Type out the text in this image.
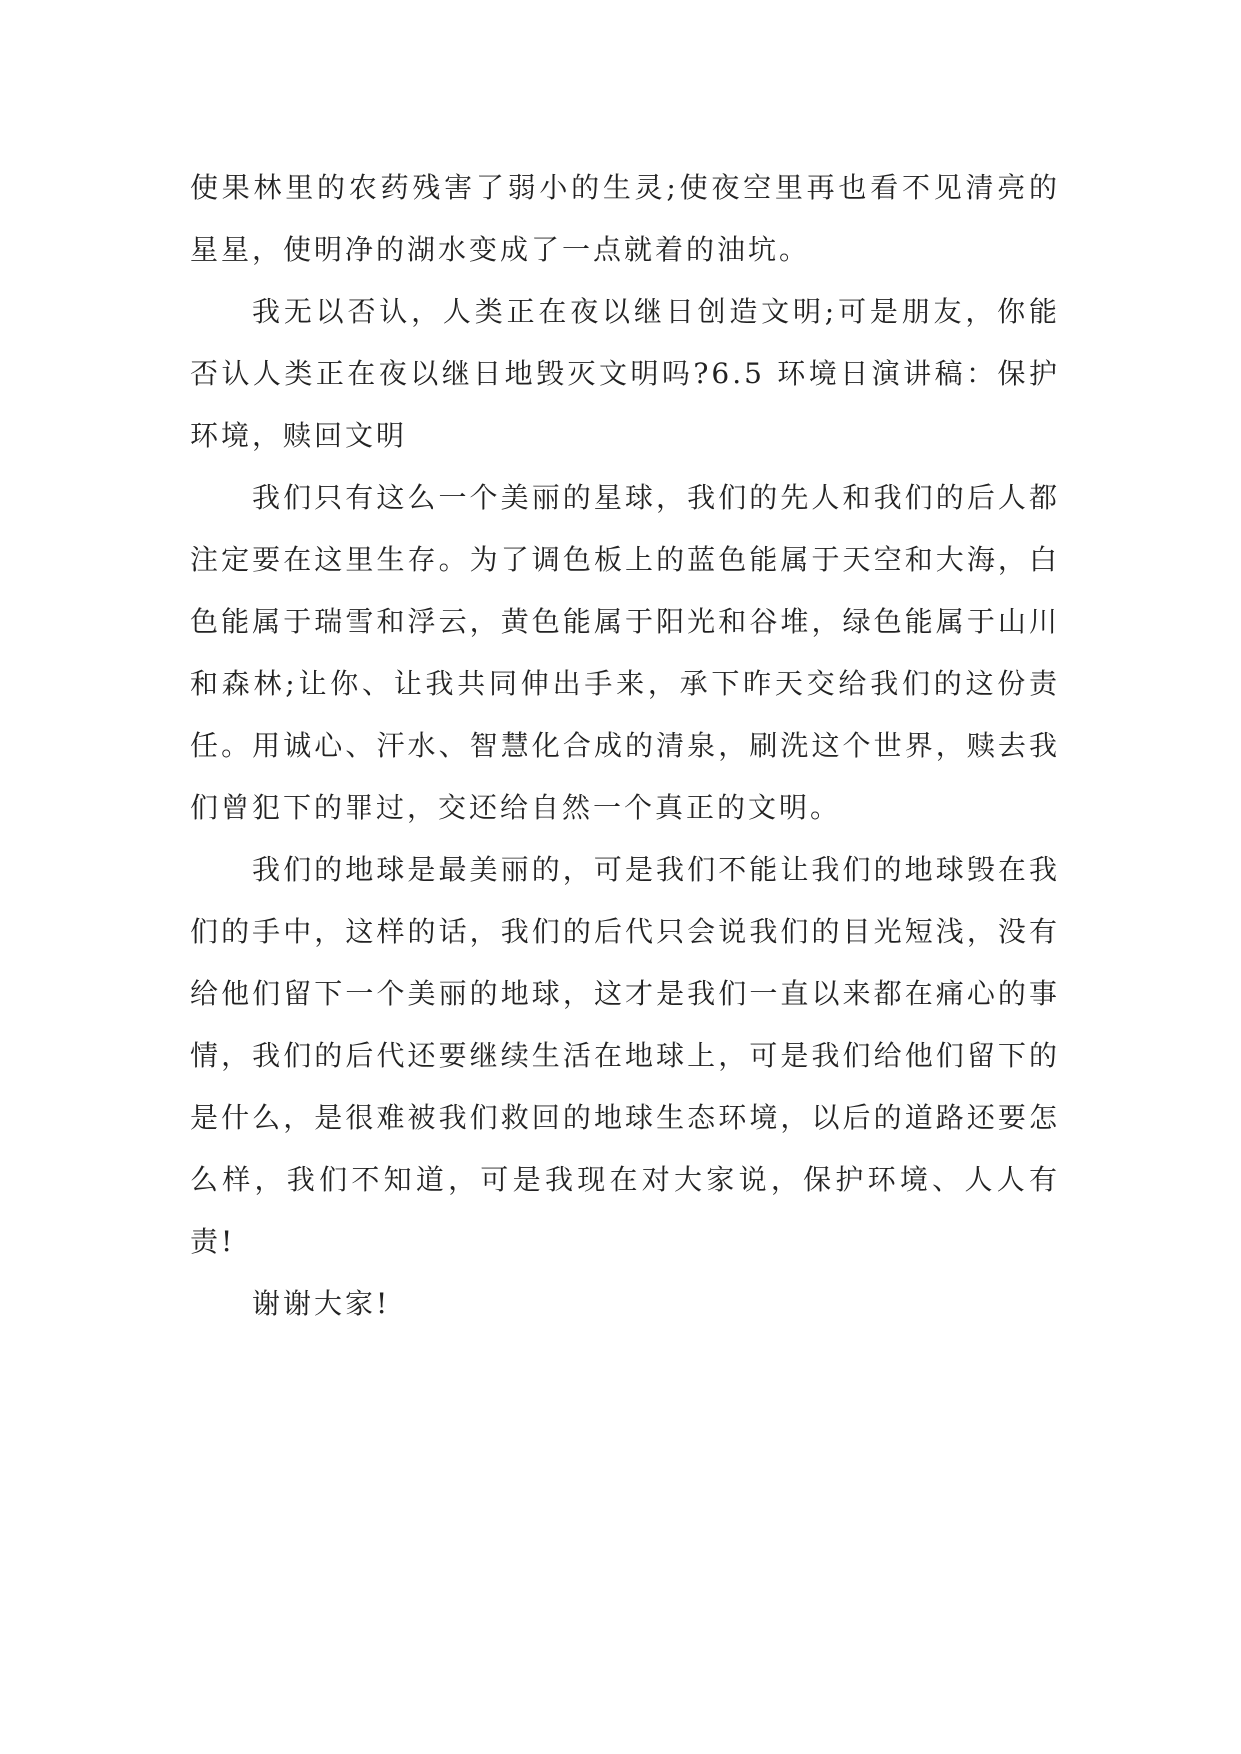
使果林里的农药残害了弱小的生灵;使夜空里再也看不见清亮的星星，使明净的湖水变成了一点就着的油坑。

我无以否认，人类正在夜以继日创造文明;可是朋友，你能否认人类正在夜以继日地毁灭文明吗?6.5 环境日演讲稿：保护环境，赎回文明

我们只有这么一个美丽的星球，我们的先人和我们的后人都注定要在这里生存。为了调色板上的蓝色能属于天空和大海，白色能属于瑞雪和浮云，黄色能属于阳光和谷堆，绿色能属于山川和森林;让你、让我共同伸出手来，承下昨天交给我们的这份责任。用诚心、汗水、智慧化合成的清泉，刷洗这个世界，赎去我们曾犯下的罪过，交还给自然一个真正的文明。

我们的地球是最美丽的，可是我们不能让我们的地球毁在我们的手中，这样的话，我们的后代只会说我们的目光短浅，没有给他们留下一个美丽的地球，这才是我们一直以来都在痛心的事情，我们的后代还要继续生活在地球上，可是我们给他们留下的是什么，是很难被我们救回的地球生态环境，以后的道路还要怎么样，我们不知道，可是我现在对大家说，保护环境、人人有责!

谢谢大家!
